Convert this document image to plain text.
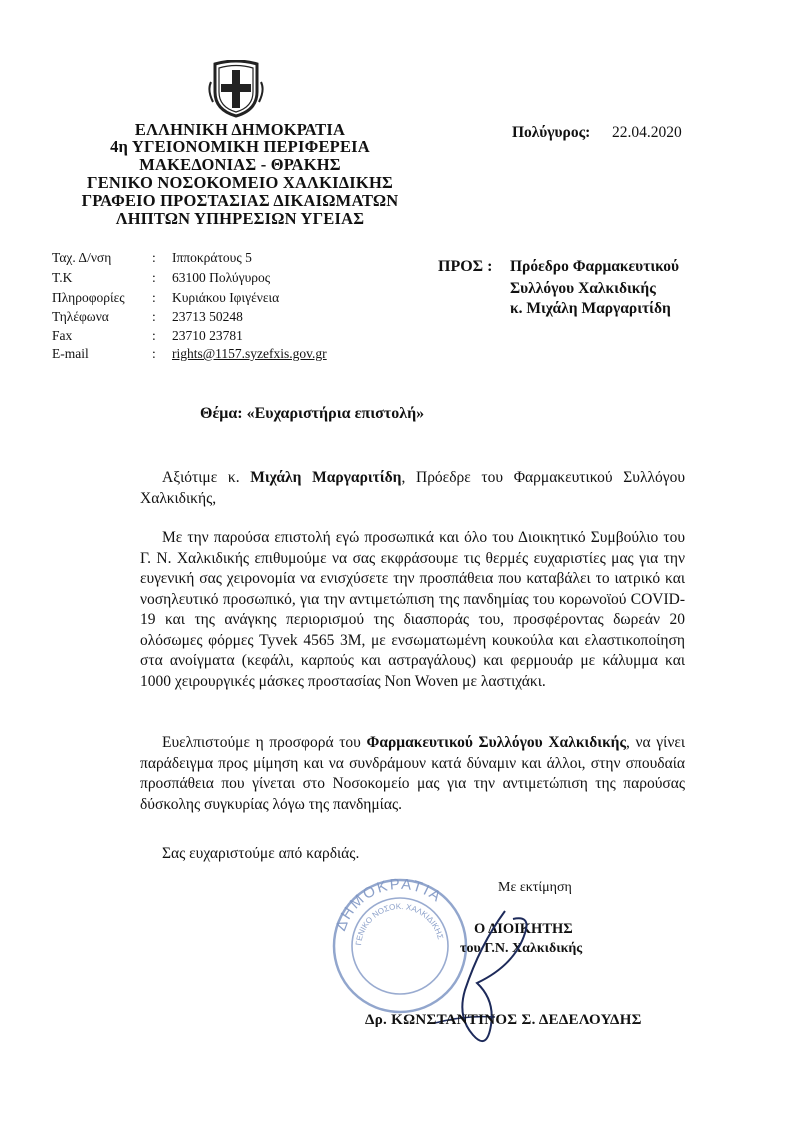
ΕΛΛΗΝΙΚΗ ΔΗΜΟΚΡΑΤΙΑ
4η ΥΓΕΙΟΝΟΜΙΚΗ ΠΕΡΙΦΕΡΕΙΑ
ΜΑΚΕΔΟΝΙΑΣ - ΘΡΑΚΗΣ
ΓΕΝΙΚΟ ΝΟΣΟΚΟΜΕΙΟ ΧΑΛΚΙΔΙΚΗΣ
ΓΡΑΦΕΙΟ ΠΡΟΣΤΑΣΙΑΣ ΔΙΚΑΙΩΜΑΤΩΝ
ΛΗΠΤΩΝ ΥΠΗΡΕΣΙΩΝ ΥΓΕΙΑΣ
Πολύγυρος: 22.04.2020
Ταχ. Δ/νση	: Ιπποκράτους 5
Τ.Κ	: 63100 Πολύγυρος
Πληροφορίες	: Κυριάκου Ιφιγένεια
Τηλέφωνα	: 23713 50248
Fax	: 23710 23781
E-mail	: rights@1157.syzefxis.gov.gr
ΠΡΟΣ : Πρόεδρο Φαρμακευτικού
Συλλόγου Χαλκιδικής
κ. Μιχάλη Μαργαριτίδη
Θέμα: «Ευχαριστήρια επιστολή»
Αξιότιμε κ. Μιχάλη Μαργαριτίδη, Πρόεδρε του Φαρμακευτικού Συλλόγου Χαλκιδικής,
Με την παρούσα επιστολή εγώ προσωπικά και όλο του Διοικητικό Συμβούλιο του Γ. Ν. Χαλκιδικής επιθυμούμε να σας εκφράσουμε τις θερμές ευχαριστίες μας για την ευγενική σας χειρονομία να ενισχύσετε την προσπάθεια που καταβάλει το ιατρικό και νοσηλευτικό προσωπικό, για την αντιμετώπιση της πανδημίας του κορωνοϊού COVID-19 και της ανάγκης περιορισμού της διασποράς του, προσφέροντας δωρεάν 20 ολόσωμες φόρμες Tyvek 4565 3M, με ενσωματωμένη κουκούλα και ελαστικοποίηση στα ανοίγματα (κεφάλι, καρπούς και αστραγάλους) και φερμουάρ με κάλυμμα και 1000 χειρουργικές μάσκες προστασίας Non Woven με λαστιχάκι.
Ευελπιστούμε η προσφορά του Φαρμακευτικού Συλλόγου Χαλκιδικής, να γίνει παράδειγμα προς μίμηση και να συνδράμουν κατά δύναμιν και άλλοι, στην σπουδαία προσπάθεια που γίνεται στο Νοσοκομείο μας για την αντιμετώπιση της παρούσας δύσκολης συγκυρίας λόγω της πανδημίας.
Σας ευχαριστούμε από καρδιάς.
ΔΗΜΟΚΡΑΤΙΑ
ΓΕΝΙΚΟ ΝΟΣΟΚ. ΧΑΛΚΙΔΙΚΗΣ
Με εκτίμηση
Ο ΔΙΟΙΚΗΤΗΣ
του Γ.Ν. Χαλκιδικής
Δρ. ΚΩΝΣΤΑΝΤΙΝΟΣ Σ. ΔΕΔΕΛΟΥΔΗΣ
